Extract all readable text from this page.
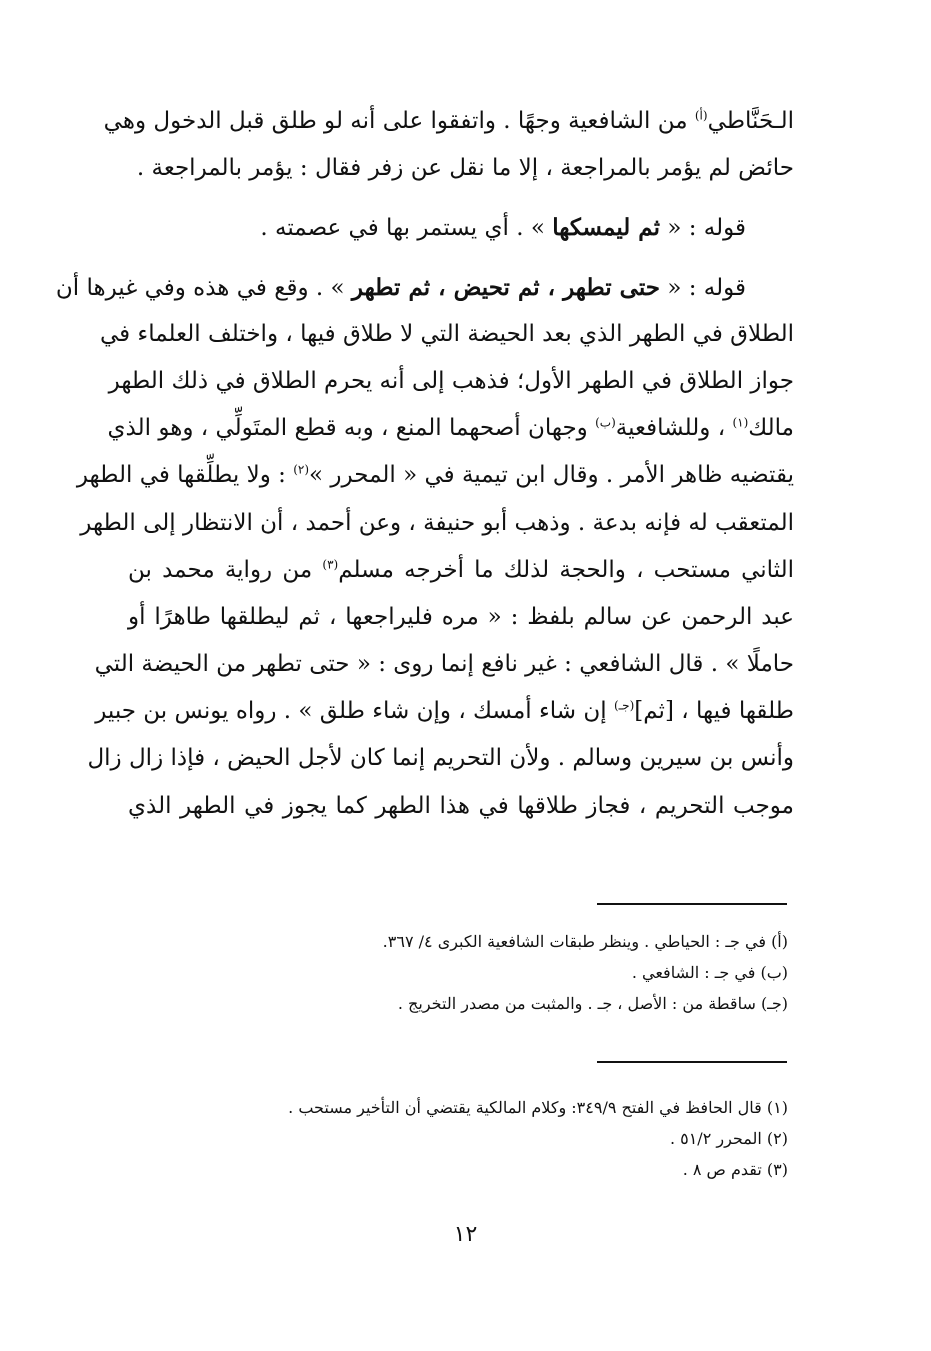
الـحَنَّاطي$^{(أ)}$ من الشافعية وجهًا . واتفقوا على أنه لو طلق قبل الدخول وهي
حائض لم يؤمر بالمراجعة ، إلا ما نقل عن زفر فقال : يؤمر بالمراجعة .
قوله : « ثم ليمسكها » . أي يستمر بها في عصمته .
قوله : « حتى تطهر ، ثم تحيض ، ثم تطهر » . وقع في هذه وفي غيرها أن
الطلاق في الطهر الذي بعد الحيضة التي لا طلاق فيها ، واختلف العلماء في
جواز الطلاق في الطهر الأول؛ فذهب إلى أنه يحرم الطلاق في ذلك الطهر
مالك$^{(١)}$ ، وللشافعية$^{(ب)}$ وجهان أصحهما المنع ، وبه قطع المتَولِّي ، وهو الذي
يقتضيه ظاهر الأمر . وقال ابن تيمية في « المحرر »$^{(٢)}$ : ولا يطلِّقها في الطهر
المتعقب له فإنه بدعة . وذهب أبو حنيفة ، وعن أحمد ، أن الانتظار إلى الطهر
الثاني مستحب ، والحجة لذلك ما أخرجه مسلم$^{(٣)}$ من رواية محمد بن
عبد الرحمن عن سالم بلفظ : « مره فليراجعها ، ثم ليطلقها طاهرًا أو
حاملًا » . قال الشافعي : غير نافع إنما روى : « حتى تطهر من الحيضة التي
طلقها فيها ، [ثم]$^{(جـ)}$ إن شاء أمسك ، وإن شاء طلق » . رواه يونس بن جبير
وأنس بن سيرين وسالم . ولأن التحريم إنما كان لأجل الحيض ، فإذا زال زال
موجب التحريم ، فجاز طلاقها في هذا الطهر كما يجوز في الطهر الذي
(أ) في جـ : الحياطي . وينظر طبقات الشافعية الكبرى ٤/ ٣٦٧.
(ب) في جـ : الشافعي .
(جـ) ساقطة من : الأصل ، جـ . والمثبت من مصدر التخريج .
(١) قال الحافظ في الفتح ٣٤٩/٩: وكلام المالكية يقتضي أن التأخير مستحب .
(٢) المحرر ٥١/٢ .
(٣) تقدم ص ٨ .
١٢
